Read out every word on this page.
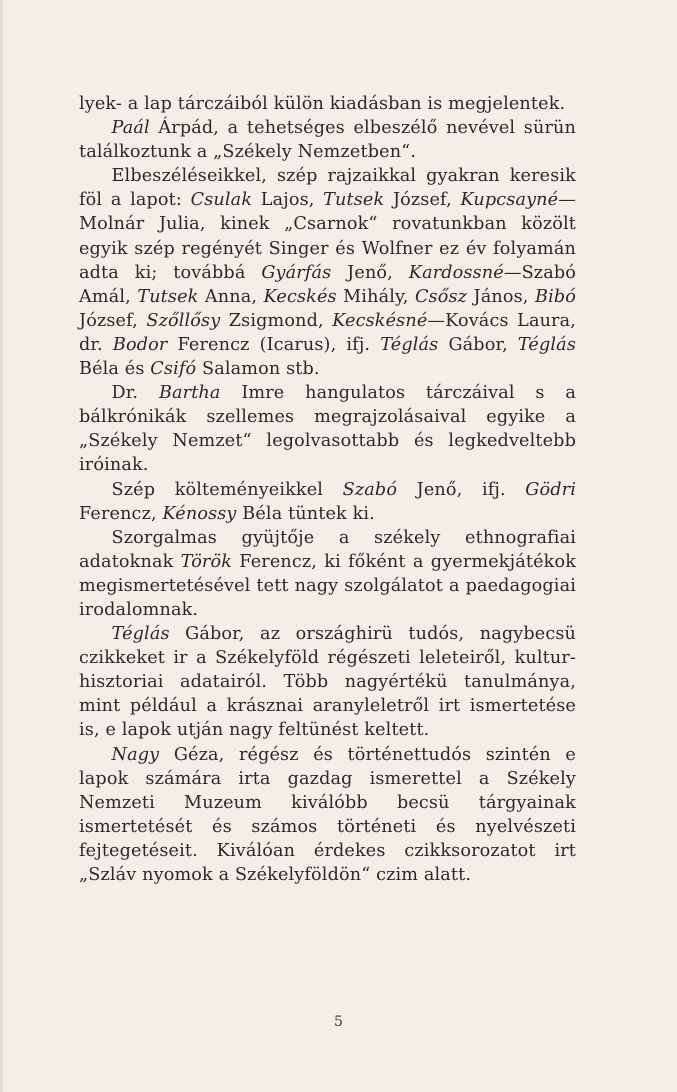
lyek- a lap tárczáiból külön kiadásban is megjelentek.

Paál Árpád, a tehetséges elbeszélő nevével sürün találkoztunk a „Székely Nemzetben“.

Elbeszéléseikkel, szép rajzaikkal gyakran keresik föl a lapot: Csulak Lajos, Tutsek József, Kupcsayné—Molnár Julia, kinek „Csarnok“ rovatunkban közölt egyik szép regényét Singer és Wolfner ez év folyamán adta ki; továbbá Gyárfás Jenő, Kardossné—Szabó Amál, Tutsek Anna, Kecskés Mihály, Csősz János, Bibó József, Szőllősy Zsigmond, Kecskésné—Kovács Laura, dr. Bodor Ferencz (Icarus), ifj. Téglás Gábor, Téglás Béla és Csifó Salamon stb.

Dr. Bartha Imre hangulatos tárczáival s a bálkrónikák szellemes megrajzolásaival egyike a „Székely Nemzet“ legolvasottabb és legkedveltebb iróinak.

Szép költeményeikkel Szabó Jenő, ifj. Gödri Ferencz, Kénossy Béla tüntek ki.

Szorgalmas gyüjtője a székely ethnografiai adatoknak Török Ferencz, ki főként a gyermekjátékok megismertetésével tett nagy szolgálatot a paedagogiai irodalomnak.

Téglás Gábor, az országhirü tudós, nagybecsü czikkeket ir a Székelyföld régészeti leleteiről, kultur-hisztoriai adatairól. Több nagyértékü tanulmánya, mint például a krásznai aranyleletről irt ismertetése is, e lapok utján nagy feltünést keltett.

Nagy Géza, régész és történettudós szintén e lapok számára irta gazdag ismerettel a Székely Nemzeti Muzeum kiválóbb becsü tárgyainak ismertetését és számos történeti és nyelvészeti fejtegetéseit. Kiválóan érdekes czikksorozatot irt „Szláv nyomok a Székelyföldön“ czim alatt.

5
